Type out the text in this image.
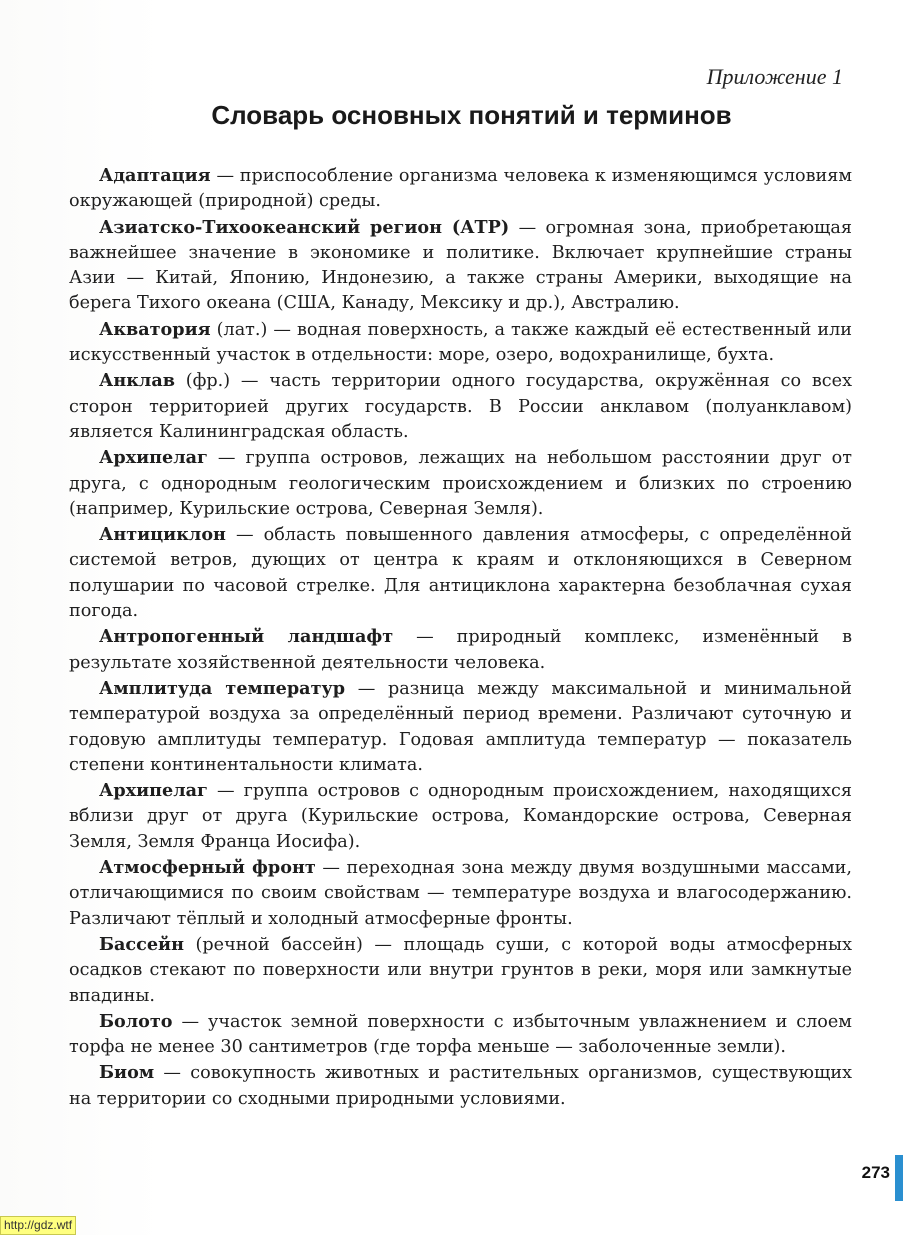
Приложение 1
Словарь основных понятий и терминов

Адаптация — приспособление организма человека к изменяющимся условиям окружающей (природной) среды.

Азиатско-Тихоокеанский регион (АТР) — огромная зона, приобретающая важнейшее значение в экономике и политике. Включает крупнейшие страны Азии — Китай, Японию, Индонезию, а также страны Америки, выходящие на берега Тихого океана (США, Канаду, Мексику и др.), Австралию.

Акватория (лат.) — водная поверхность, а также каждый её естественный или искусственный участок в отдельности: море, озеро, водохранилище, бухта.

Анклав (фр.) — часть территории одного государства, окружённая со всех сторон территорией других государств. В России анклавом (полуанклавом) является Калининградская область.

Архипелаг — группа островов, лежащих на небольшом расстоянии друг от друга, с однородным геологическим происхождением и близких по строению (например, Курильские острова, Северная Земля).

Антициклон — область повышенного давления атмосферы, с определённой системой ветров, дующих от центра к краям и отклоняющихся в Северном полушарии по часовой стрелке. Для антициклона характерна безоблачная сухая погода.

Антропогенный ландшафт — природный комплекс, изменённый в результате хозяйственной деятельности человека.

Амплитуда температур — разница между максимальной и минимальной температурой воздуха за определённый период времени. Различают суточную и годовую амплитуды температур. Годовая амплитуда температур — показатель степени континентальности климата.

Архипелаг — группа островов с однородным происхождением, находящихся вблизи друг от друга (Курильские острова, Командорские острова, Северная Земля, Земля Франца Иосифа).

Атмосферный фронт — переходная зона между двумя воздушными массами, отличающимися по своим свойствам — температуре воздуха и влагосодержанию. Различают тёплый и холодный атмосферные фронты.

Бассейн (речной бассейн) — площадь суши, с которой воды атмосферных осадков стекают по поверхности или внутри грунтов в реки, моря или замкнутые впадины.

Болото — участок земной поверхности с избыточным увлажнением и слоем торфа не менее 30 сантиметров (где торфа меньше — заболоченные земли).

Биом — совокупность животных и растительных организмов, существующих на территории со сходными природными условиями.

273
http://gdz.wtf
